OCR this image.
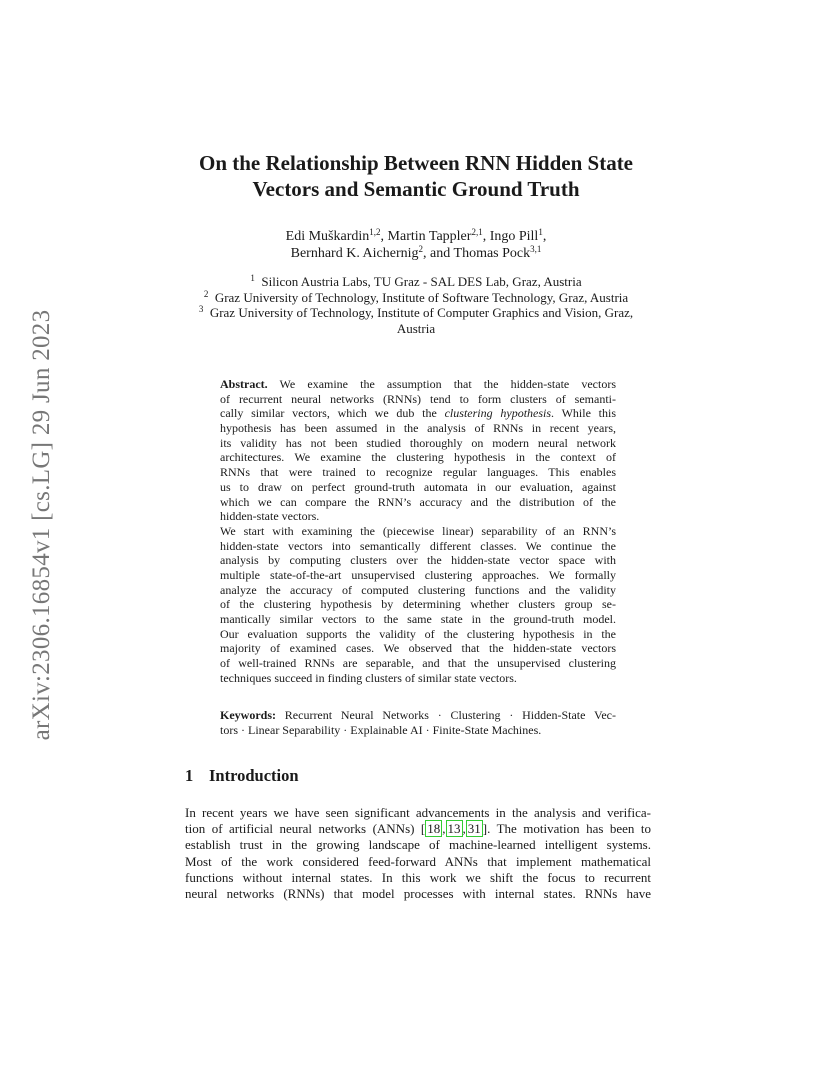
arXiv:2306.16854v1 [cs.LG] 29 Jun 2023
On the Relationship Between RNN Hidden State
Vectors and Semantic Ground Truth
Edi Muškardin$^{1,2}$, Martin Tappler$^{2,1}$, Ingo Pill$^1$,
Bernhard K. Aichernig$^2$, and Thomas Pock$^{3,1}$
$^1$ Silicon Austria Labs, TU Graz - SAL DES Lab, Graz, Austria
$^2$ Graz University of Technology, Institute of Software Technology, Graz, Austria
$^3$ Graz University of Technology, Institute of Computer Graphics and Vision, Graz,
Austria
Abstract. We examine the assumption that the hidden-state vectors
of recurrent neural networks (RNNs) tend to form clusters of semanti-
cally similar vectors, which we dub the clustering hypothesis. While this
hypothesis has been assumed in the analysis of RNNs in recent years,
its validity has not been studied thoroughly on modern neural network
architectures. We examine the clustering hypothesis in the context of
RNNs that were trained to recognize regular languages. This enables
us to draw on perfect ground-truth automata in our evaluation, against
which we can compare the RNN’s accuracy and the distribution of the
hidden-state vectors.
We start with examining the (piecewise linear) separability of an RNN’s
hidden-state vectors into semantically different classes. We continue the
analysis by computing clusters over the hidden-state vector space with
multiple state-of-the-art unsupervised clustering approaches. We formally
analyze the accuracy of computed clustering functions and the validity
of the clustering hypothesis by determining whether clusters group se-
mantically similar vectors to the same state in the ground-truth model.
Our evaluation supports the validity of the clustering hypothesis in the
majority of examined cases. We observed that the hidden-state vectors
of well-trained RNNs are separable, and that the unsupervised clustering
techniques succeed in finding clusters of similar state vectors.
Keywords: Recurrent Neural Networks · Clustering · Hidden-State Vec-
tors · Linear Separability · Explainable AI · Finite-State Machines.
1 Introduction
In recent years we have seen significant advancements in the analysis and verifica-
tion of artificial neural networks (ANNs) [ 18 , 13 , 31 ]. The motivation has been to
establish trust in the growing landscape of machine-learned intelligent systems.
Most of the work considered feed-forward ANNs that implement mathematical
functions without internal states. In this work we shift the focus to recurrent
neural networks (RNNs) that model processes with internal states. RNNs have
